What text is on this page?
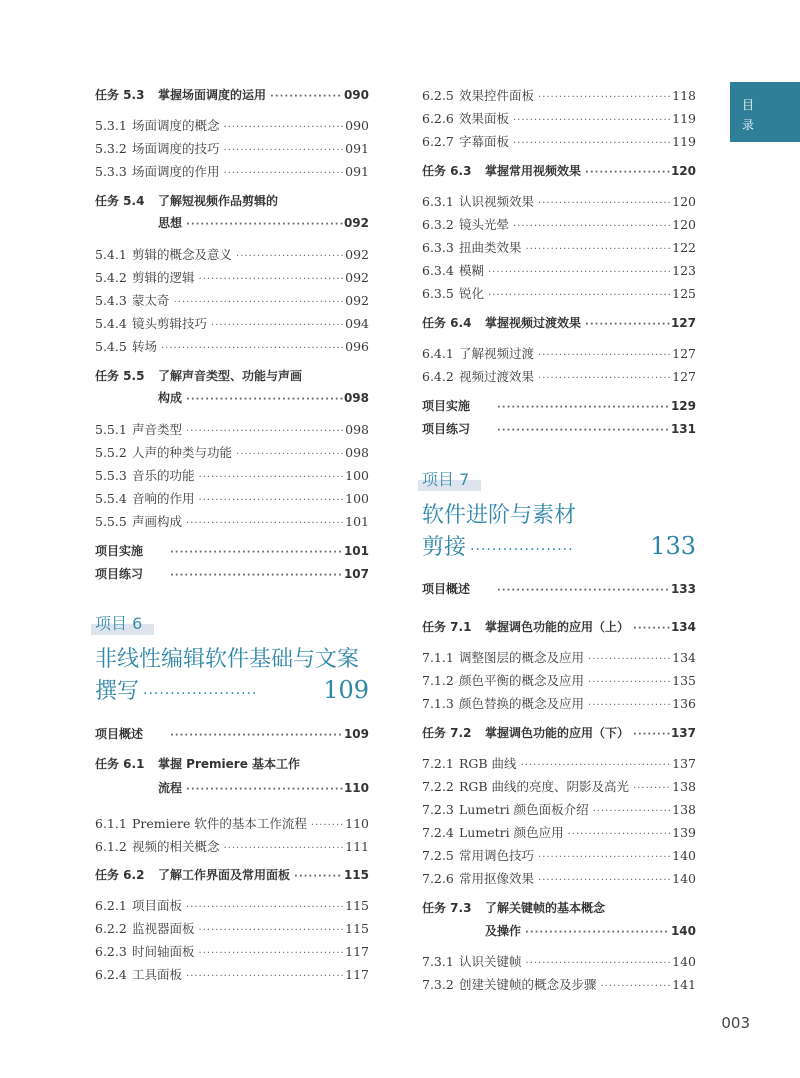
目
录
任务 5.3	掌握场面调度的运用 ·····	090
5.3.1 场面调度的概念 ·····	090
5.3.2 场面调度的技巧 ·····	091
5.3.3 场面调度的作用 ·····	091
任务 5.4	了解短视频作品剪辑的
思想 ·····	092
5.4.1 剪辑的概念及意义 ·····	092
5.4.2 剪辑的逻辑 ·····	092
5.4.3 蒙太奇 ·····	092
5.4.4 镜头剪辑技巧 ·····	094
5.4.5 转场 ·····	096
任务 5.5	了解声音类型、功能与声画
构成 ·····	098
5.5.1 声音类型 ·····	098
5.5.2 人声的种类与功能 ·····	098
5.5.3 音乐的功能 ·····	100
5.5.4 音响的作用 ·····	100
5.5.5 声画构成 ·····	101
项目实施 ·····	101
项目练习 ·····	107
项目 6
非线性编辑软件基础与文案
撰写 ·····················	109
项目概述 ·····	109
任务 6.1	掌握 Premiere 基本工作
流程 ·····	110
6.1.1 Premiere 软件的基本工作流程 ·····	110
6.1.2 视频的相关概念 ·····	111
任务 6.2	了解工作界面及常用面板 ·····	115
6.2.1 项目面板 ·····	115
6.2.2 监视器面板 ·····	115
6.2.3 时间轴面板 ·····	117
6.2.4 工具面板 ·····	117
6.2.5 效果控件面板 ·····	118
6.2.6 效果面板 ·····	119
6.2.7 字幕面板 ·····	119
任务 6.3	掌握常用视频效果 ·····	120
6.3.1 认识视频效果 ·····	120
6.3.2 镜头光晕 ·····	120
6.3.3 扭曲类效果 ·····	122
6.3.4 模糊 ·····	123
6.3.5 锐化 ·····	125
任务 6.4	掌握视频过渡效果 ·····	127
6.4.1 了解视频过渡 ·····	127
6.4.2 视频过渡效果 ·····	127
项目实施 ·····	129
项目练习 ·····	131
项目 7
软件进阶与素材
剪接 ···················	133
项目概述 ·····	133
任务 7.1	掌握调色功能的应用（上） ·····	134
7.1.1 调整图层的概念及应用 ·····	134
7.1.2 颜色平衡的概念及应用 ·····	135
7.1.3 颜色替换的概念及应用 ·····	136
任务 7.2	掌握调色功能的应用（下） ·····	137
7.2.1 RGB 曲线 ·····	137
7.2.2 RGB 曲线的亮度、阴影及高光 ·····	138
7.2.3 Lumetri 颜色面板介绍 ·····	138
7.2.4 Lumetri 颜色应用 ·····	139
7.2.5 常用调色技巧 ·····	140
7.2.6 常用抠像效果 ·····	140
任务 7.3	了解关键帧的基本概念
及操作 ·····	140
7.3.1 认识关键帧 ·····	140
7.3.2 创建关键帧的概念及步骤 ·····	141
003
